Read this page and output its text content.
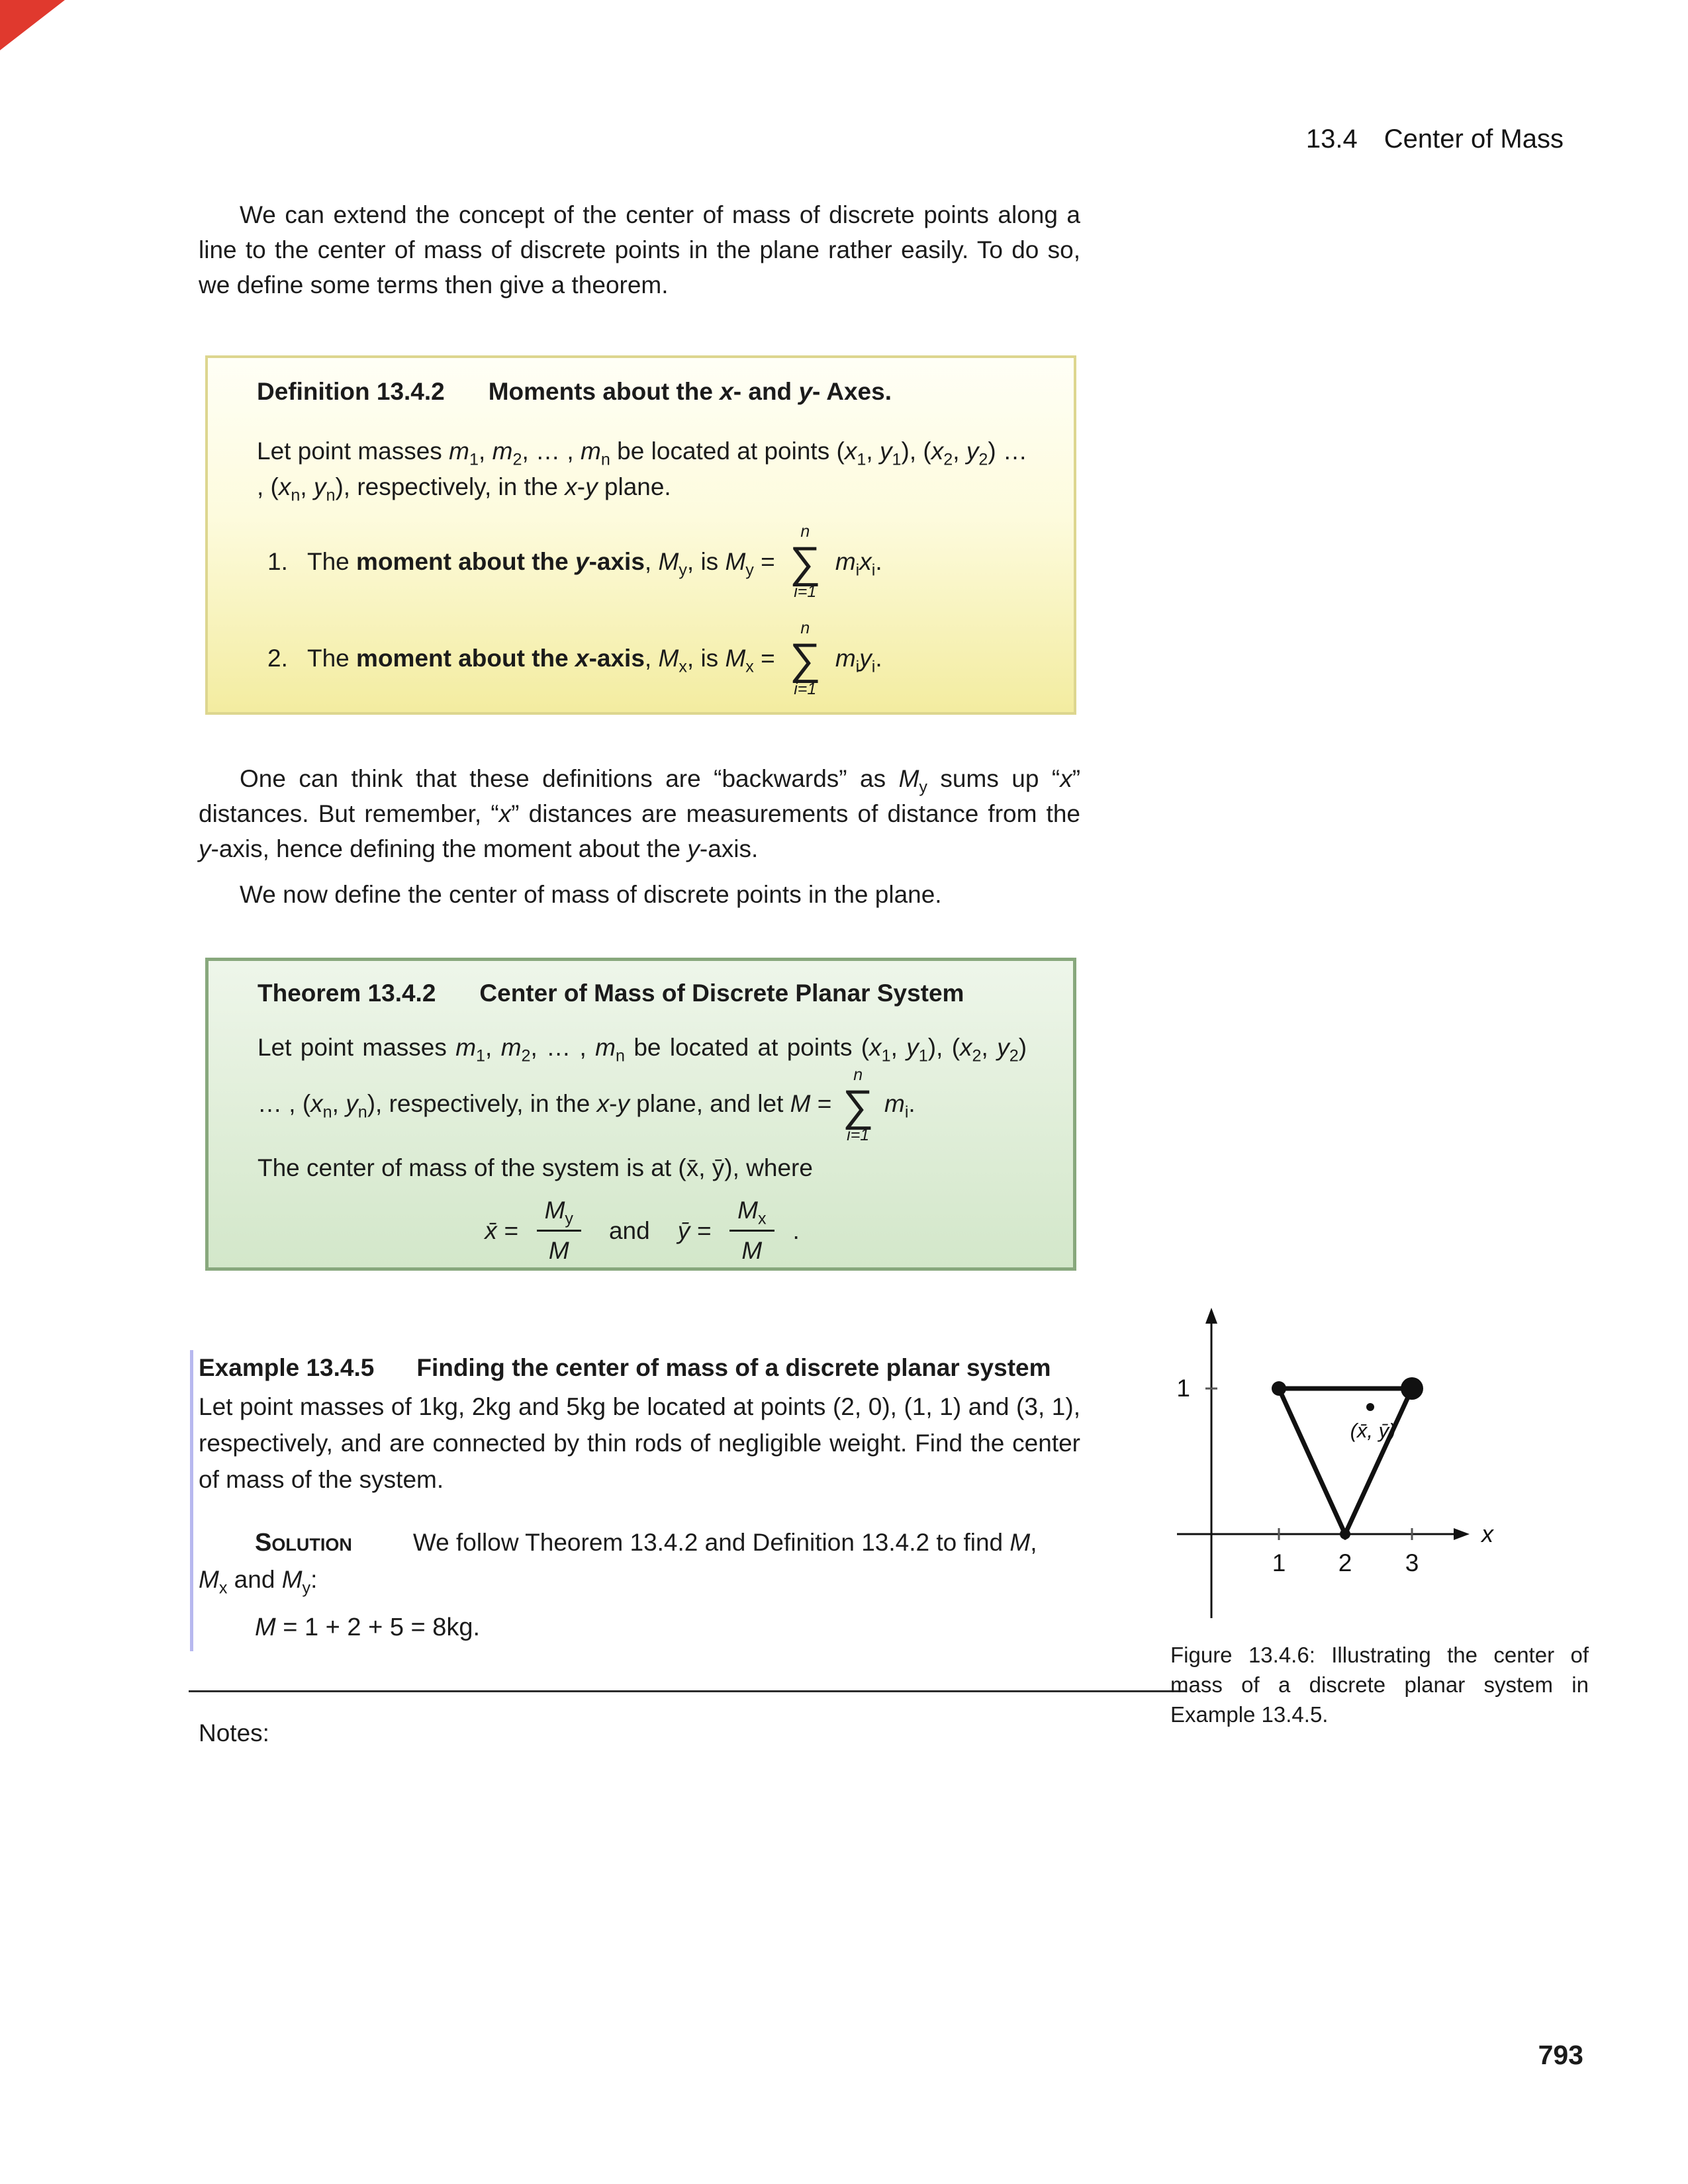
13.4 Center of Mass
We can extend the concept of the center of mass of discrete points along a line to the center of mass of discrete points in the plane rather easily. To do so, we define some terms then give a theorem.
Definition 13.4.2 Moments about the x- and y- Axes.
Let point masses $m_1$, $m_2$, … , $m_n$ be located at points ($x_1$, $y_1$), ($x_2$, $y_2$) … , ($x_n$, $y_n$), respectively, in the x-y plane.
1. The moment about the y-axis, $M_y$, is $M_y$ =
n
∑
i=1
$m_ix_i$.
2. The moment about the x-axis, $M_x$, is $M_x$ =
n
∑
i=1
$m_iy_i$.
One can think that these definitions are “backwards” as $M_y$ sums up “x” distances. But remember, “x” distances are measurements of distance from the y-axis, hence defining the moment about the y-axis.
We now define the center of mass of discrete points in the plane.
Theorem 13.4.2 Center of Mass of Discrete Planar System
Let point masses $m_1$, $m_2$, … , $m_n$ be located at points ($x_1$, $y_1$), ($x_2$, $y_2$) … , ($x_n$, $y_n$), respectively, in the x-y plane, and let M =
n
∑
i=1
$m_i$.
The center of mass of the system is at (x̄, ȳ), where
x̄ = $\frac{M_y}{M}$ and ȳ = $\frac{M_x}{M}$ .
Example 13.4.5 Finding the center of mass of a discrete planar system
Let point masses of 1kg, 2kg and 5kg be located at points (2, 0), (1, 1) and (3, 1), respectively, and are connected by thin rods of negligible weight. Find the center of mass of the system.
Solution We follow Theorem 13.4.2 and Definition 13.4.2 to find M,
$M_x$ and $M_y$:
M = 1 + 2 + 5 = 8kg.
Notes:
x
1
1 2 3
(x̄, ȳ)
Figure 13.4.6: Illustrating the center of mass of a discrete planar system in Example 13.4.5.
793
